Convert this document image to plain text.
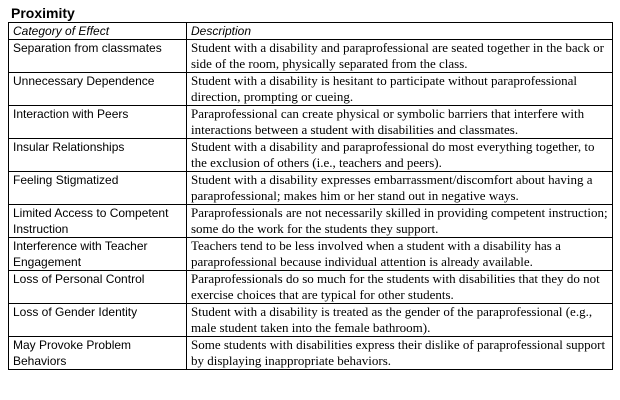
Proximity
Category of Effect	Description
Separation from classmates	Student with a disability and paraprofessional are seated together in the back or side of the room, physically separated from the class.
Unnecessary Dependence	Student with a disability is hesitant to participate without paraprofessional direction, prompting or cueing.
Interaction with Peers	Paraprofessional can create physical or symbolic barriers that interfere with interactions between a student with disabilities and classmates.
Insular Relationships	Student with a disability and paraprofessional do most everything together, to the exclusion of others (i.e., teachers and peers).
Feeling Stigmatized	Student with a disability expresses embarrassment/discomfort about having a paraprofessional; makes him or her stand out in negative ways.
Limited Access to Competent Instruction	Paraprofessionals are not necessarily skilled in providing competent instruction; some do the work for the students they support.
Interference with Teacher Engagement	Teachers tend to be less involved when a student with a disability has a paraprofessional because individual attention is already available.
Loss of Personal Control	Paraprofessionals do so much for the students with disabilities that they do not exercise choices that are typical for other students.
Loss of Gender Identity	Student with a disability is treated as the gender of the paraprofessional (e.g., male student taken into the female bathroom).
May Provoke Problem Behaviors	Some students with disabilities express their dislike of paraprofessional support by displaying inappropriate behaviors.
